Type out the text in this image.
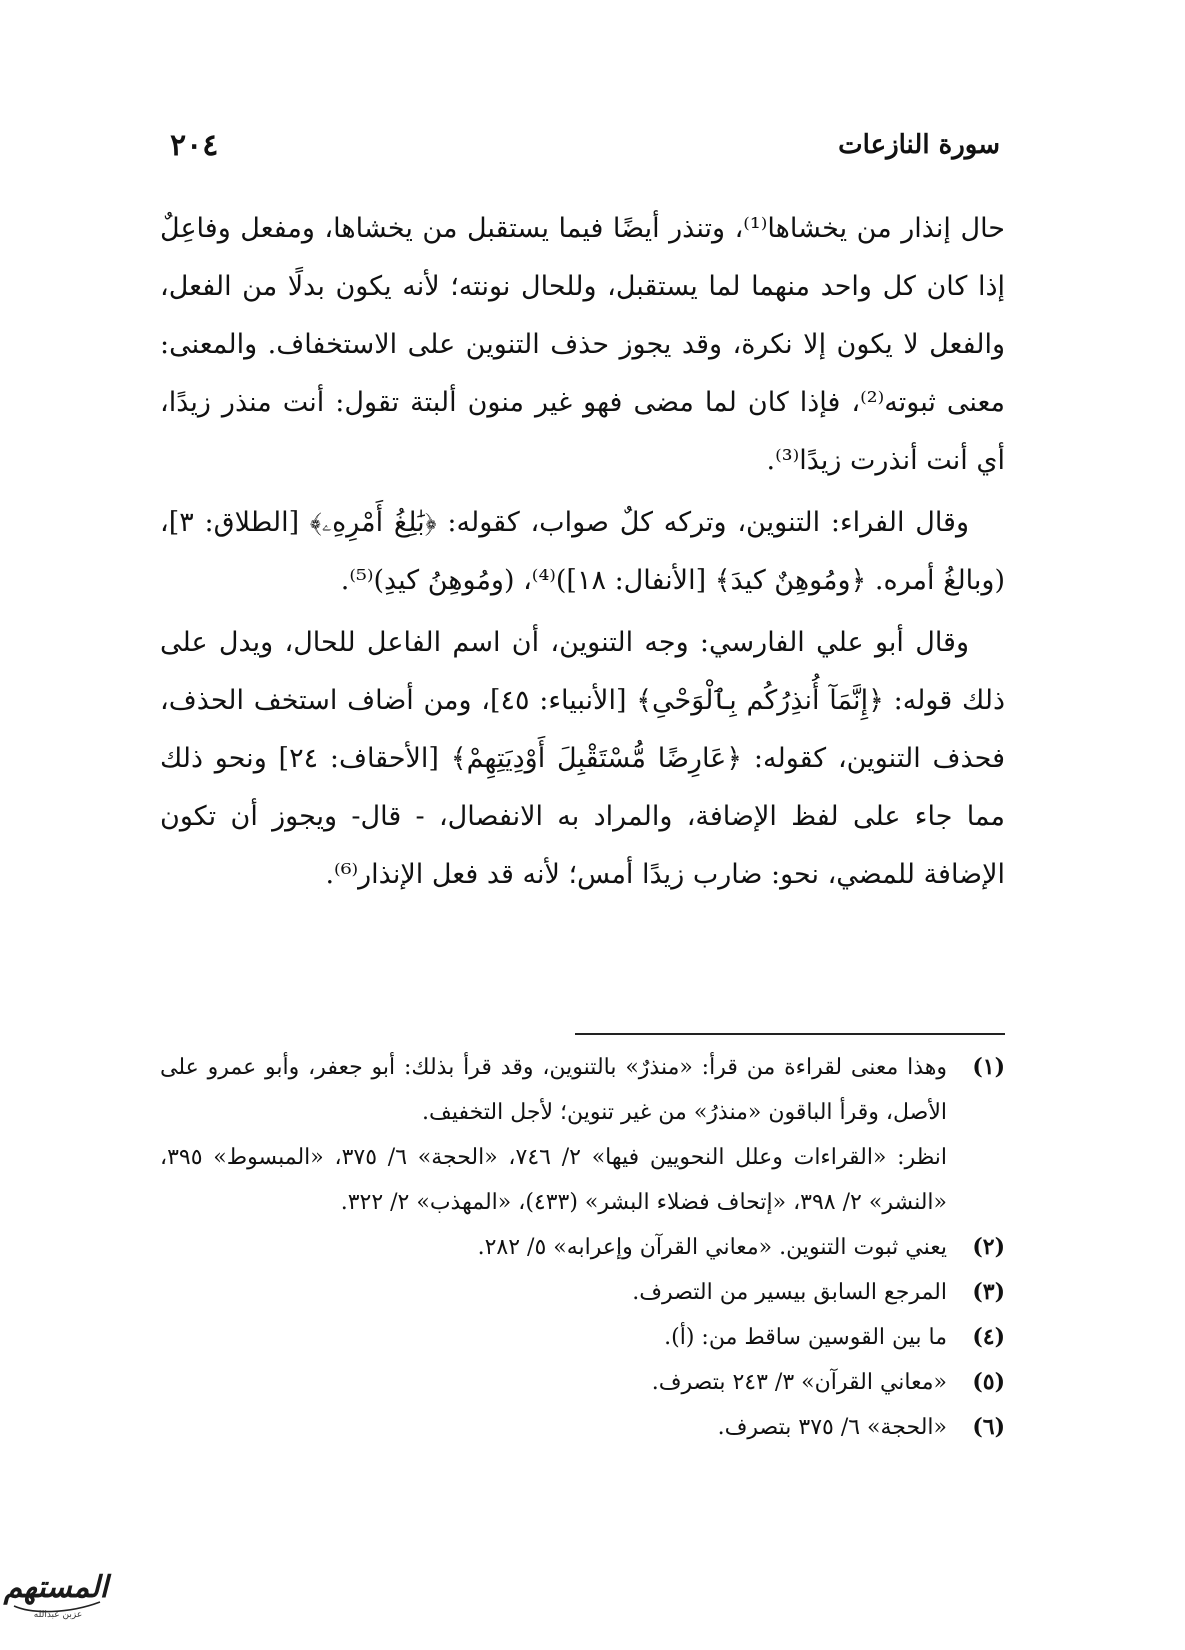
سورة النازعات
٢٠٤

حال إنذار من يخشاها⁽¹⁾، وتنذر أيضًا فيما يستقبل من يخشاها، ومفعل وفاعِلٌ إذا كان كل واحد منهما لما يستقبل، وللحال نونته؛ لأنه يكون بدلًا من الفعل، والفعل لا يكون إلا نكرة، وقد يجوز حذف التنوين على الاستخفاف. والمعنى: معنى ثبوته⁽²⁾، فإذا كان لما مضى فهو غير منون ألبتة تقول: أنت منذر زيدًا، أي أنت أنذرت زيدًا⁽³⁾.

وقال الفراء: التنوين، وتركه كلٌ صواب، كقوله: ﴿بَٰلِغُ أَمْرِهِۦ﴾ [الطلاق: ٣]، (وبالغُ أمره. ﴿ومُوهِنٌ كيدَ﴾ [الأنفال: ١٨])⁽⁴⁾، (ومُوهِنُ كيدِ)⁽⁵⁾.

وقال أبو علي الفارسي: وجه التنوين، أن اسم الفاعل للحال، ويدل على ذلك قوله: ﴿إِنَّمَآ أُنذِرُكُم بِٱلْوَحْىِ﴾ [الأنبياء: ٤٥]، ومن أضاف استخف الحذف، فحذف التنوين، كقوله: ﴿عَارِضًا مُّسْتَقْبِلَ أَوْدِيَتِهِمْ﴾ [الأحقاف: ٢٤] ونحو ذلك مما جاء على لفظ الإضافة، والمراد به الانفصال، - قال- ويجوز أن تكون الإضافة للمضي، نحو: ضارب زيدًا أمس؛ لأنه قد فعل الإنذار⁽⁶⁾.

(١)
وهذا معنى لقراءة من قرأ: «منذرٌ» بالتنوين، وقد قرأ بذلك: أبو جعفر، وأبو عمرو على الأصل، وقرأ الباقون «منذرُ» من غير تنوين؛ لأجل التخفيف.
انظر: «القراءات وعلل النحويين فيها» ٢/ ٧٤٦، «الحجة» ٦/ ٣٧٥، «المبسوط» ٣٩٥، «النشر» ٢/ ٣٩٨، «إتحاف فضلاء البشر» (٤٣٣)، «المهذب» ٢/ ٣٢٢.
(٢)
يعني ثبوت التنوين. «معاني القرآن وإعرابه» ٥/ ٢٨٢.
(٣)
المرجع السابق بيسير من التصرف.
(٤)
ما بين القوسين ساقط من: (أ).
(٥)
«معاني القرآن» ٣/ ٢٤٣ بتصرف.
(٦)
«الحجة» ٦/ ٣٧٥ بتصرف.
المستهم
عزبن عبدالله
